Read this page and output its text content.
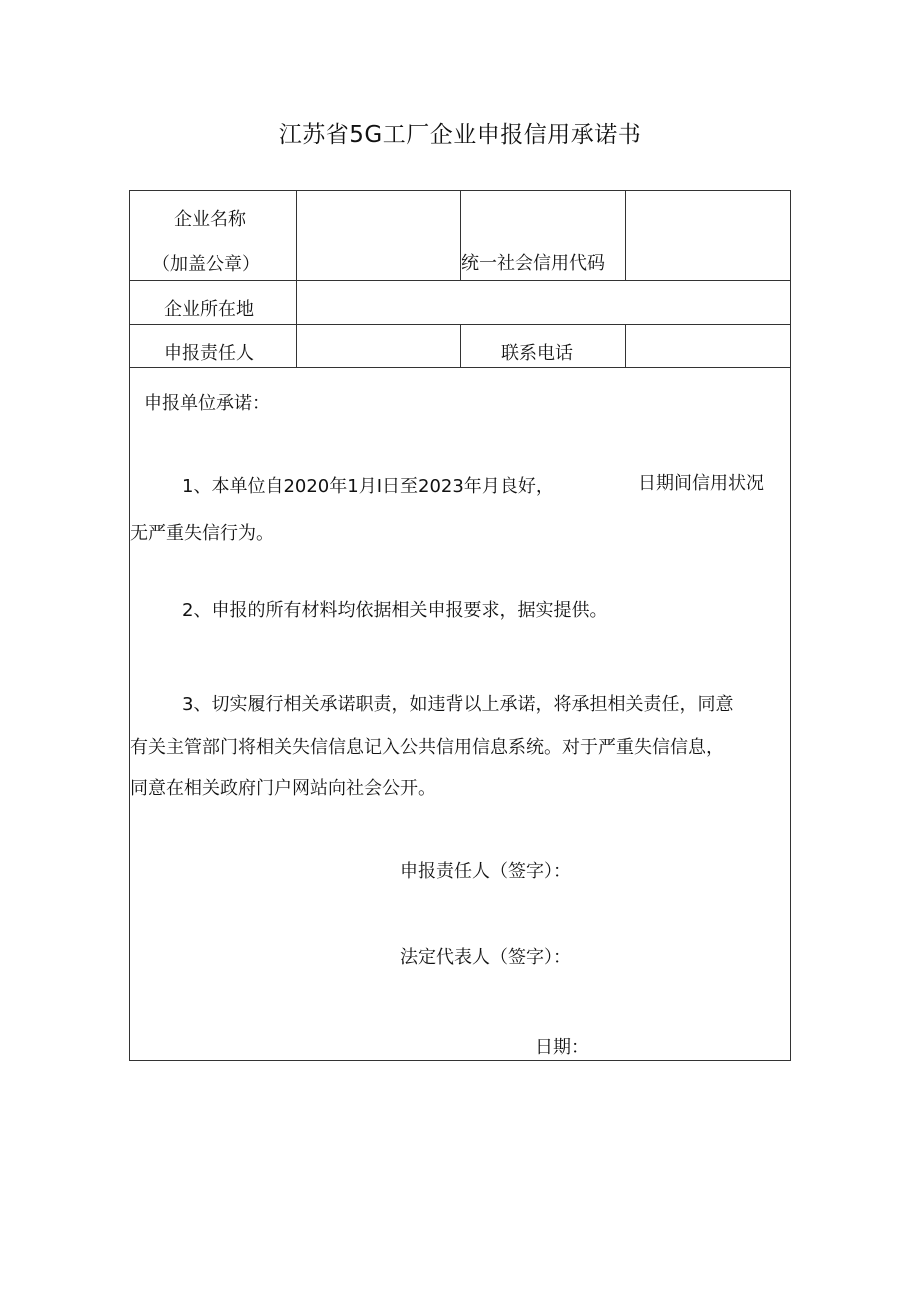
江苏省5G工厂企业申报信用承诺书
企业名称
（加盖公章）	统一社会信用代码
企业所在地
申报责任人	联系电话
申报单位承诺：
1、本单位自2020年1月I日至2023年月良好，	日期间信用状况
无严重失信行为。
2、申报的所有材料均依据相关申报要求，据实提供。
3、切实履行相关承诺职责，如违背以上承诺，将承担相关责任，同意
有关主管部门将相关失信信息记入公共信用信息系统。对于严重失信信息，
同意在相关政府门户网站向社会公开。
申报责任人（签字）：
法定代表人（签字）：
日期：
